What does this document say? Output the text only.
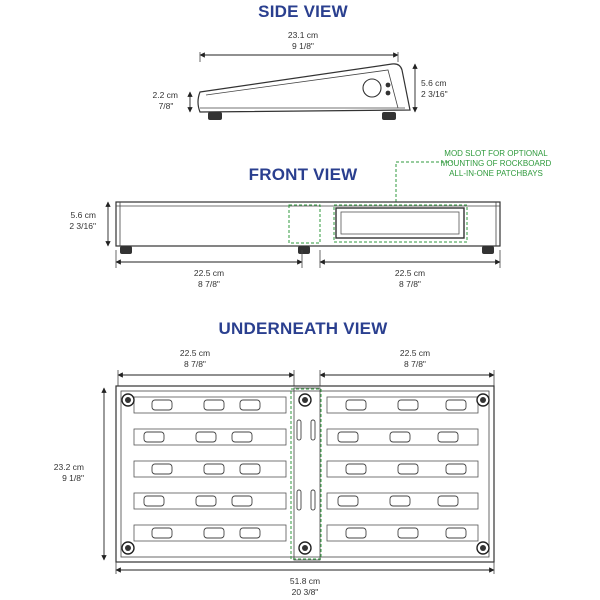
SIDE VIEW
23.1 cm
9 1/8"
2.2 cm
7/8"
5.6 cm
2 3/16"
FRONT VIEW
MOD SLOT FOR OPTIONAL
MOUNTING OF ROCKBOARD
ALL-IN-ONE PATCHBAYS
5.6 cm
2 3/16"
22.5 cm
8 7/8"
22.5 cm
8 7/8"
UNDERNEATH VIEW
22.5 cm
8 7/8"
22.5 cm
8 7/8"
23.2 cm
9 1/8"
51.8 cm
20 3/8"
